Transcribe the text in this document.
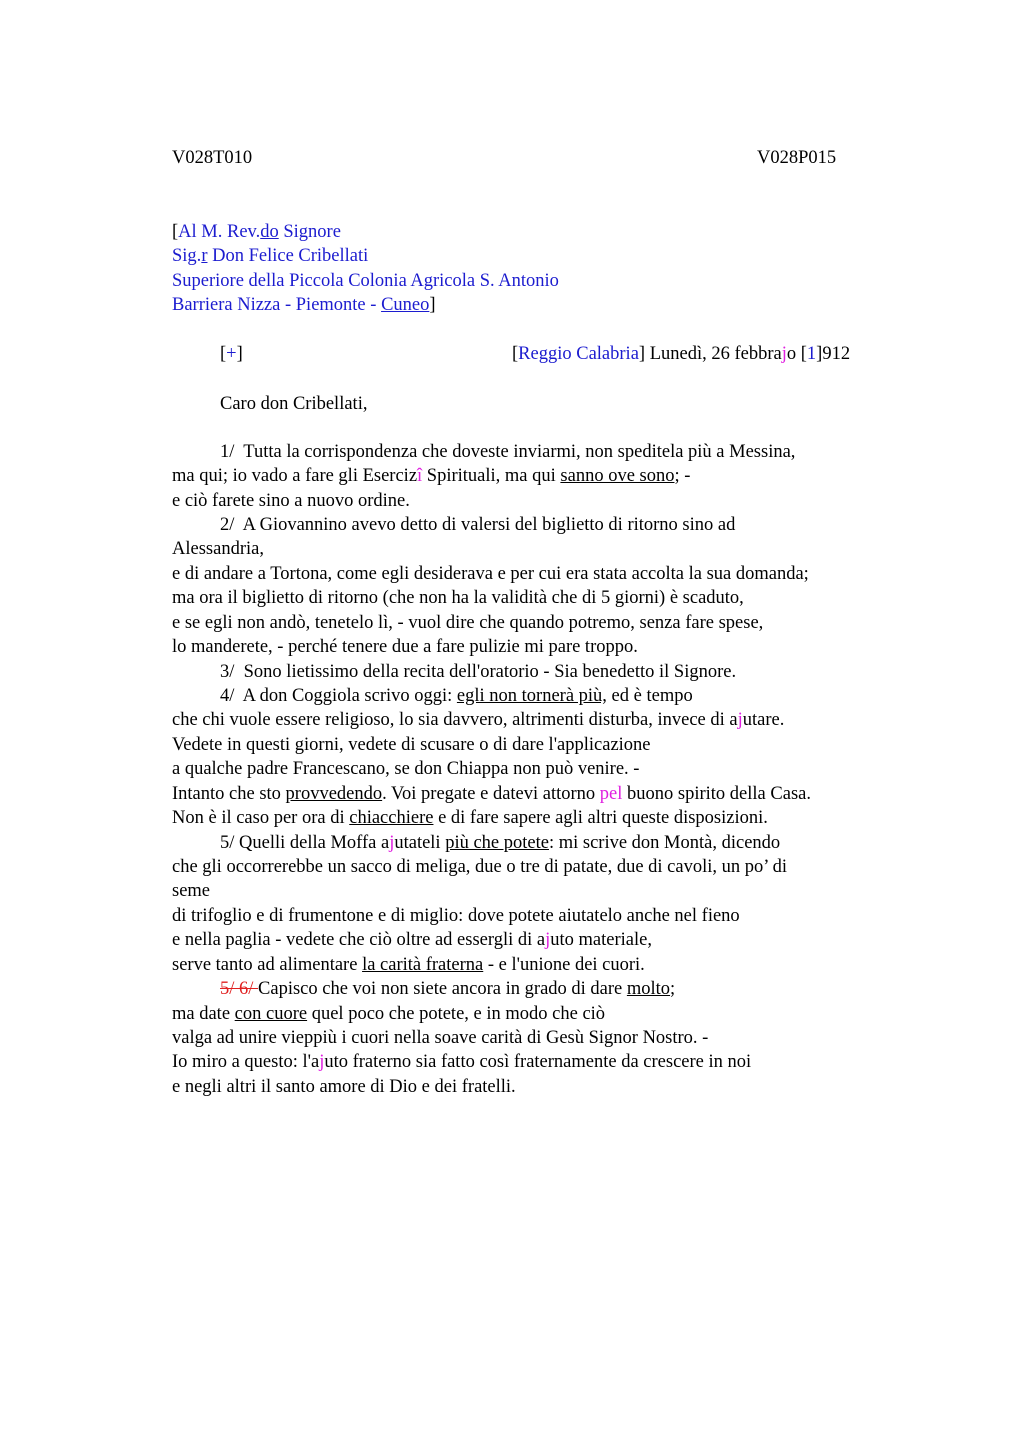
V028T010	V028P015
[Al M. Rev.do Signore
Sig.r Don Felice Cribellati
Superiore della Piccola Colonia Agricola S. Antonio
Barriera Nizza - Piemonte - Cuneo]
[+]	[Reggio Calabria] Lunedì, 26 febbrajo [1]912
Caro don Cribellati,
1/  Tutta la corrispondenza che doveste inviarmi, non speditela più a Messina,
ma qui; io vado a fare gli Esercizî Spirituali, ma qui sanno ove sono; -
e ciò farete sino a nuovo ordine.
2/  A Giovannino avevo detto di valersi del biglietto di ritorno sino ad
Alessandria,
e di andare a Tortona, come egli desiderava e per cui era stata accolta la sua domanda;
ma ora il biglietto di ritorno (che non ha la validità che di 5 giorni) è scaduto,
e se egli non andò, tenetelo lì, - vuol dire che quando potremo, senza fare spese,
lo manderete, - perché tenere due a fare pulizie mi pare troppo.
3/  Sono lietissimo della recita dell'oratorio - Sia benedetto il Signore.
4/  A don Coggiola scrivo oggi: egli non tornerà più, ed è tempo
che chi vuole essere religioso, lo sia davvero, altrimenti disturba, invece di ajutare.
Vedete in questi giorni, vedete di scusare o di dare l'applicazione
a qualche padre Francescano, se don Chiappa non può venire. -
Intanto che sto provvedendo. Voi pregate e datevi attorno pel buono spirito della Casa.
Non è il caso per ora di chiacchiere e di fare sapere agli altri queste disposizioni.
5/ Quelli della Moffa ajutateli più che potete: mi scrive don Montà, dicendo
che gli occorrerebbe un sacco di meliga, due o tre di patate, due di cavoli, un po’ di
seme
di trifoglio e di frumentone e di miglio: dove potete aiutatelo anche nel fieno
e nella paglia - vedete che ciò oltre ad essergli di ajuto materiale,
serve tanto ad alimentare la carità fraterna - e l'unione dei cuori.
5/ 6/ Capisco che voi non siete ancora in grado di dare molto;
ma date con cuore quel poco che potete, e in modo che ciò
valga ad unire vieppiù i cuori nella soave carità di Gesù Signor Nostro. -
Io miro a questo: l'ajuto fraterno sia fatto così fraternamente da crescere in noi
e negli altri il santo amore di Dio e dei fratelli.
